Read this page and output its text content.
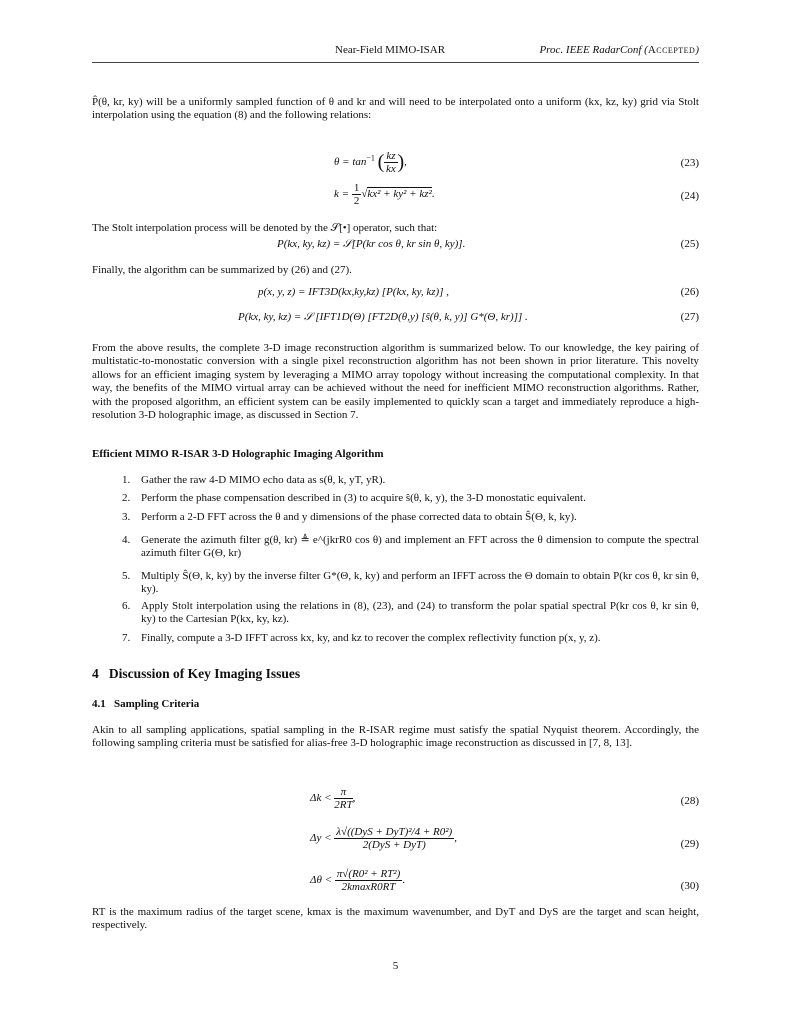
Near-Field MIMO-ISAR	Proc. IEEE RadarConf (Accepted)

P̂(θ, kr, ky) will be a uniformly sampled function of θ and kr and will need to be interpolated onto a uniform (kx, kz, ky) grid via Stolt interpolation using the equation (8) and the following relations:

$\theta = \tan^{-1}$ ( $\frac{kz}{kx}$ ),	(23)
$k = \frac{1}{2} √kx^2 + ky^2 + kz^2$.	(24)

The Stolt interpolation process will be denoted by the 𝒮[•] operator, such that:

P(kx, ky, kz) = 𝒮[P(kr cos θ, kr sin θ, ky)].	(25)

Finally, the algorithm can be summarized by (26) and (27).

p(x, y, z) = IFT3D(kx,ky,kz) [P(kx, ky, kz)] ,	(26)
P(kx, ky, kz) = 𝒮 [IFT1D(Θ) [FT2D(θ,y) [ŝ(θ, k, y)] G*(Θ, kr)]] .	(27)

From the above results, the complete 3-D image reconstruction algorithm is summarized below. To our knowledge, the key pairing of multistatic-to-monostatic conversion with a single pixel reconstruction algorithm has not been shown in prior literature. This novelty allows for an efficient imaging system by leveraging a MIMO array topology without increasing the computational complexity. In that way, the benefits of the MIMO virtual array can be achieved without the need for inefficient MIMO reconstruction algorithms. Rather, with the proposed algorithm, an efficient system can be easily implemented to quickly scan a target and immediately reproduce a high-resolution 3-D holographic image, as discussed in Section 7.

Efficient MIMO R-ISAR 3-D Holographic Imaging Algorithm

1. Gather the raw 4-D MIMO echo data as s(θ, k, yT, yR).
2. Perform the phase compensation described in (3) to acquire ŝ(θ, k, y), the 3-D monostatic equivalent.
3. Perform a 2-D FFT across the θ and y dimensions of the phase corrected data to obtain Ŝ(Θ, k, ky).
4. Generate the azimuth filter g(θ, kr) ≜ e^(jkrR0 cos θ) and implement an FFT across the θ dimension to compute the spectral azimuth filter G(Θ, kr)
5. Multiply Ŝ(Θ, k, ky) by the inverse filter G*(Θ, k, ky) and perform an IFFT across the Θ domain to obtain P(kr cos θ, kr sin θ, ky).
6. Apply Stolt interpolation using the relations in (8), (23), and (24) to transform the polar spatial spectral P(kr cos θ, kr sin θ, ky) to the Cartesian P(kx, ky, kz).
7. Finally, compute a 3-D IFFT across kx, ky, and kz to recover the complex reflectivity function p(x, y, z).

4 Discussion of Key Imaging Issues

4.1 Sampling Criteria

Akin to all sampling applications, spatial sampling in the R-ISAR regime must satisfy the spatial Nyquist theorem. Accordingly, the following sampling criteria must be satisfied for alias-free 3-D holographic image reconstruction as discussed in [7, 8, 13].

$\Delta k < \frac{\pi}{2RT}$ ,	(28)
$\Delta y < \frac{\text{λ√((DyS + DyT)²/4 + R0²)}}{\text{2(DyS + DyT)}}$ ,	(29)
$\Delta\theta < \frac{\text{π√(R0² + RT²)}}{2kmaxR0RT}$ .	(30)

RT is the maximum radius of the target scene, kmax is the maximum wavenumber, and DyT and DyS are the target and scan height, respectively.

5
